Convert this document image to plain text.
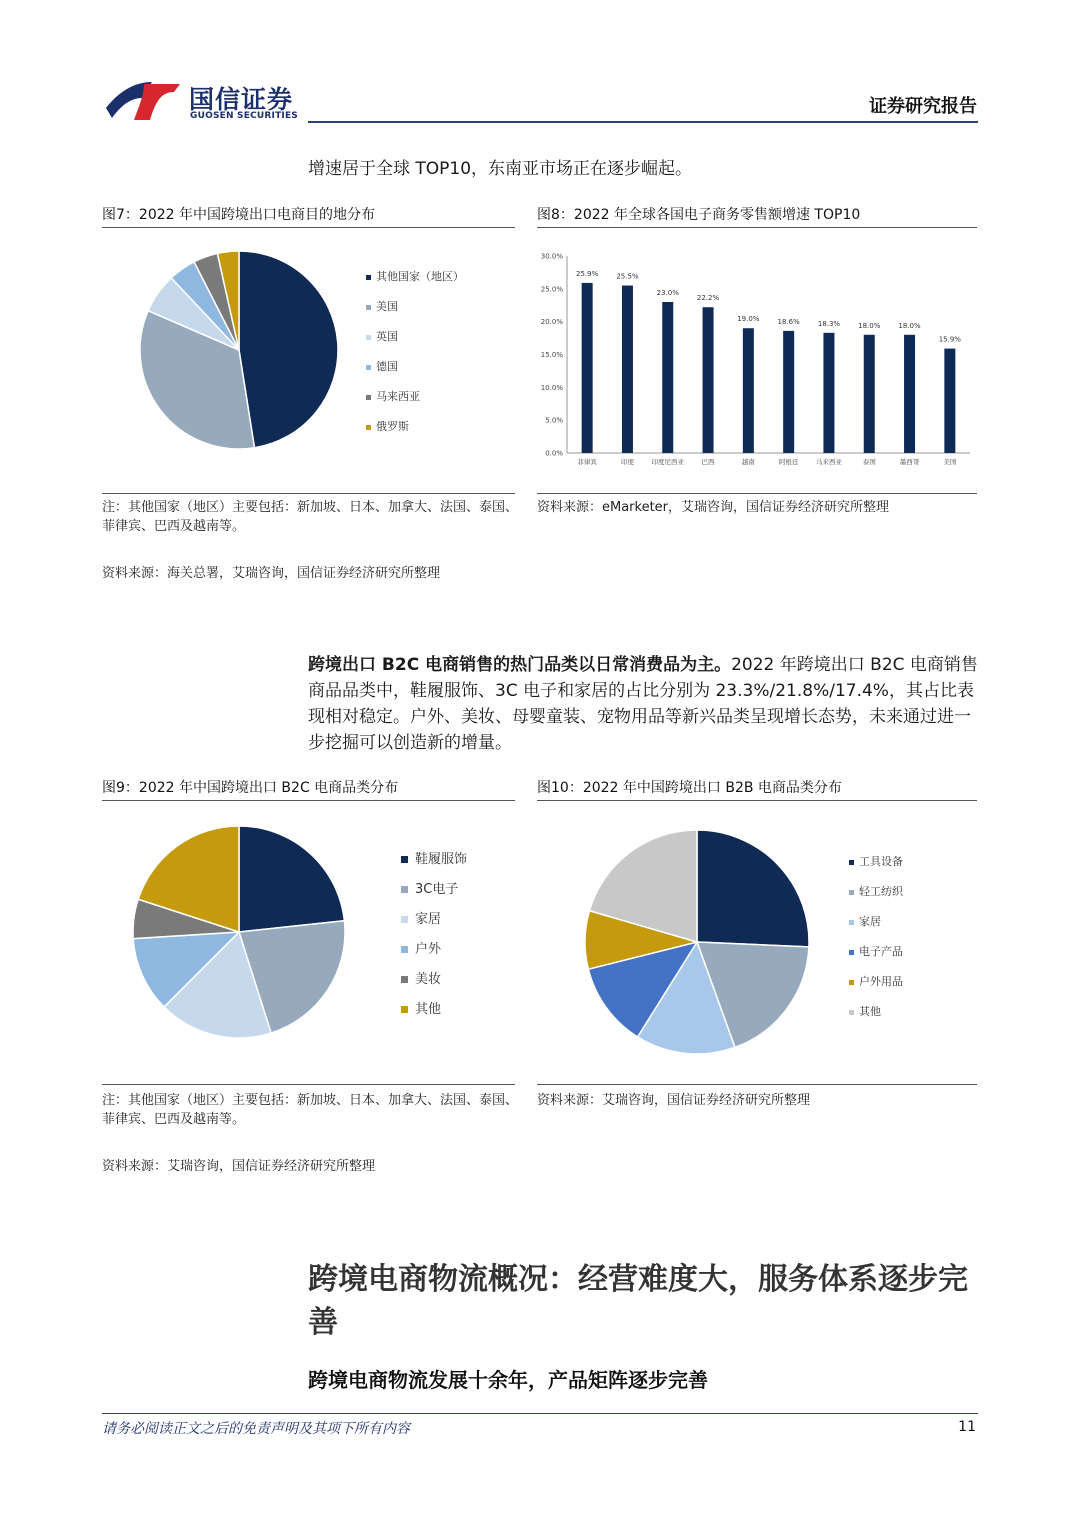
国信证券
GUOSEN SECURITIES	证券研究报告
增速居于全球 TOP10，东南亚市场正在逐步崛起。
图7：2022 年中国跨境出口电商目的地分布
其他国家（地区）
美国
英国
德国
马来西亚
俄罗斯
注：其他国家（地区）主要包括：新加坡、日本、加拿大、法国、泰国、菲律宾、巴西及越南等。
资料来源：海关总署，艾瑞咨询，国信证券经济研究所整理
图8：2022 年全球各国电子商务零售额增速 TOP10
0.0%
5.0%
10.0%
15.0%
20.0%
25.0%
30.0%
25.9%
菲律宾
25.5%
印度
23.0%
印度尼西亚
22.2%
巴西
19.0%
越南
18.6%
阿根廷
18.3%
马来西亚
18.0%
泰国
18.0%
墨西哥
15.9%
美国
资料来源：eMarketer，艾瑞咨询，国信证券经济研究所整理
跨境出口 B2C 电商销售的热门品类以日常消费品为主。2022 年跨境出口 B2C 电商销售商品品类中，鞋履服饰、3C 电子和家居的占比分别为 23.3%/21.8%/17.4%，其占比表现相对稳定。户外、美妆、母婴童装、宠物用品等新兴品类呈现增长态势，未来通过进一步挖掘可以创造新的增量。
图9：2022 年中国跨境出口 B2C 电商品类分布
鞋履服饰
3C电子
家居
户外
美妆
其他
注：其他国家（地区）主要包括：新加坡、日本、加拿大、法国、泰国、菲律宾、巴西及越南等。
资料来源：艾瑞咨询，国信证券经济研究所整理
图10：2022 年中国跨境出口 B2B 电商品类分布
工具设备
轻工纺织
家居
电子产品
户外用品
其他
资料来源：艾瑞咨询，国信证券经济研究所整理
跨境电商物流概况：经营难度大，服务体系逐步完善
跨境电商物流发展十余年，产品矩阵逐步完善
请务必阅读正文之后的免责声明及其项下所有内容	11
